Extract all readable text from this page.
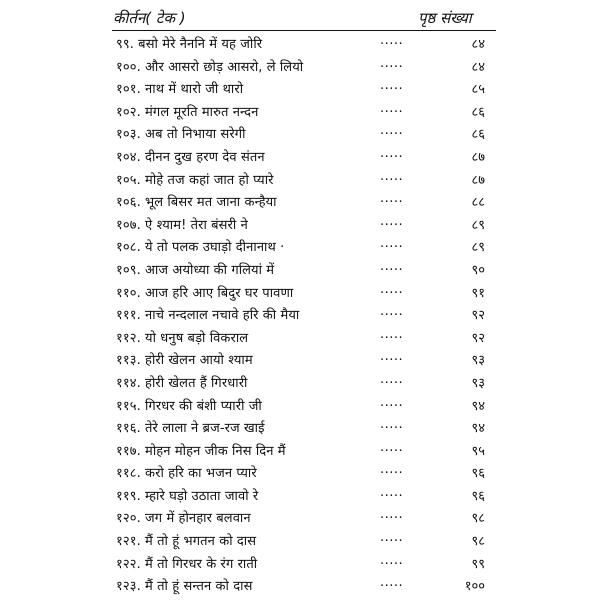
कीर्तन( टेक )	पृष्ठ संख्या
९९. बसो मेरे नैननि में यह जोरि	.....	८४
१००. और आसरो छोड़ आसरो, ले लियो	.....	८४
१०१. नाथ में थारो जी थारो	.....	८५
१०२. मंगल मूरति मारुत नन्दन	.....	८६
१०३. अब तो निभाया सरेगी	.....	८६
१०४. दीनन दुख हरण देव संतन	.....	८७
१०५. मोहे तज कहां जात हो प्यारे	.....	८७
१०६. भूल बिसर मत जाना कन्हैया	.....	८८
१०७. ऐ श्याम! तेरा बंसरी ने	.....	८९
१०८. ये तो पलक उघाड़ो दीनानाथ ·	.....	८९
१०९. आज अयोध्या की गलियां में	.....	९०
११०. आज हरि आए बिदुर घर पावणा	.....	९१
१११. नाचे नन्दलाल नचावे हरि की मैया	.....	९२
११२. यो धनुष बड़ो विकराल	.....	९२
११३. होरी खेलन आयो श्याम	.....	९३
११४. होरी खेलत हैं गिरधारी	.....	९३
११५. गिरधर की बंशी प्यारी जी	.....	९४
११६. तेरे लाला ने ब्रज-रज खाई	.....	९४
११७. मोहन मोहन जीक निस दिन मैं	.....	९५
११८. करो हरि का भजन प्यारे	.....	९६
११९. म्हारे घड़ो उठाता जावो रे	.....	९६
१२०. जग में होनहार बलवान	.....	९८
१२१. मैं तो हूं भगतन को दास	.....	९८
१२२. मैं तो गिरधर के रंग राती	.....	९९
१२३. मैं तो हूं सन्तन को दास	.....	१००
